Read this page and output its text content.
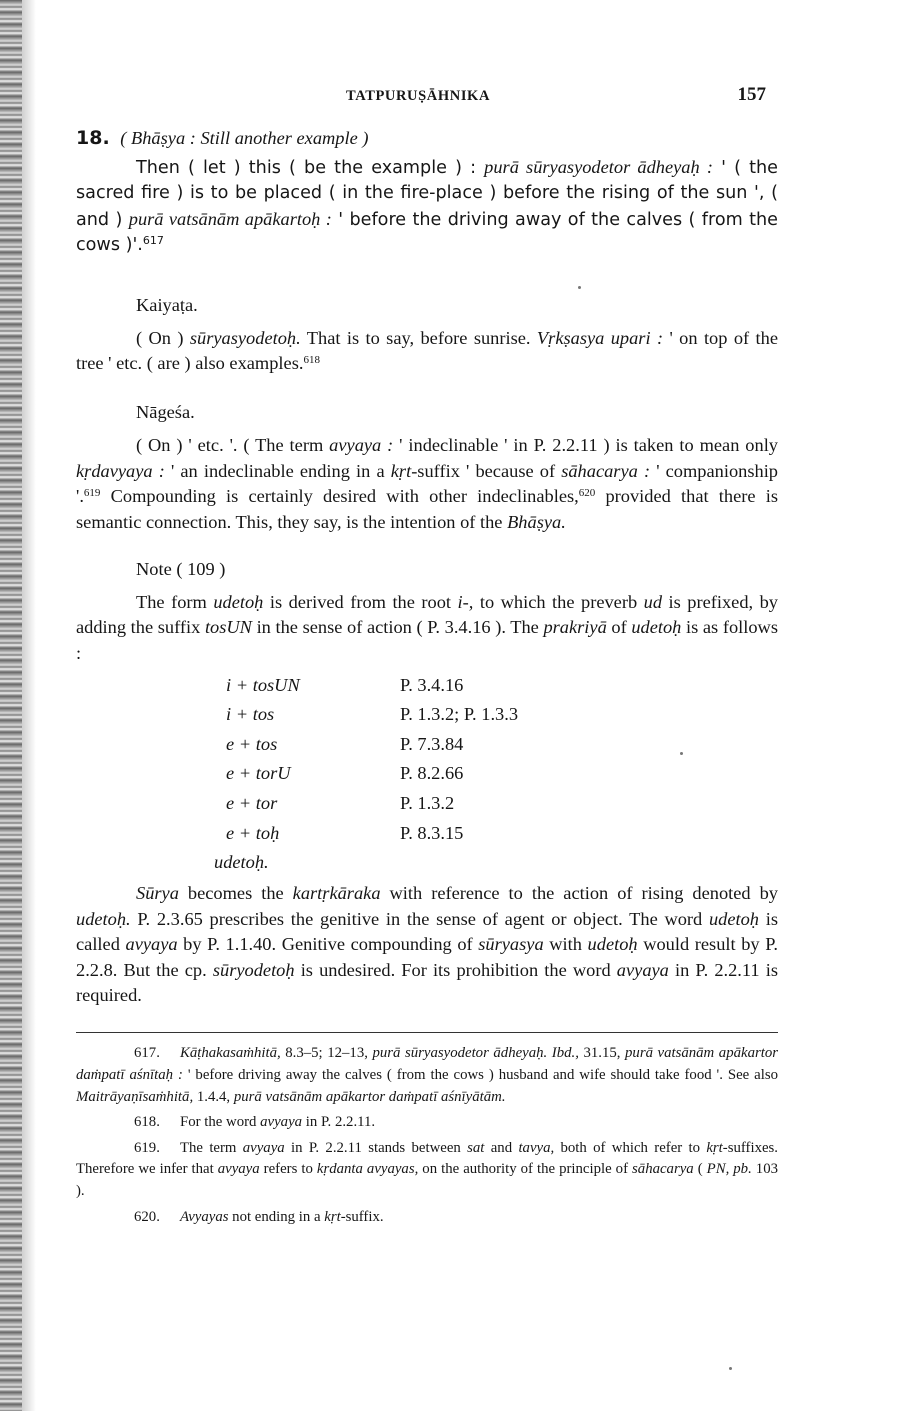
TATPURUṢĀHNIKA	157
18. ( Bhāṣya : Still another example )

Then ( let ) this ( be the example ) : purā sūryasyodetor ādheyaḥ : ' ( the sacred fire ) is to be placed ( in the fire-place ) before the rising of the sun ', ( and ) purā vatsānām apākartoḥ : ' before the driving away of the calves ( from the cows )'.$^{617}$

Kaiyaṭa.

( On ) sūryasyodetoḥ. That is to say, before sunrise. Vṛkṣasya upari : ' on top of the tree ' etc. ( are ) also examples.$^{618}$

Nāgeśa.

( On ) ' etc. '. ( The term avyaya : ' indeclinable ' in P. 2.2.11 ) is taken to mean only kṛdavyaya : ' an indeclinable ending in a kṛt-suffix ' because of sāhacarya : ' companionship '.$^{619}$ Compounding is certainly desired with other indeclinables,$^{620}$ provided that there is semantic connection. This, they say, is the intention of the Bhāṣya.

Note ( 109 )

The form udetoḥ is derived from the root i-, to which the preverb ud is prefixed, by adding the suffix tosUN in the sense of action ( P. 3.4.16 ). The prakriyā of udetoḥ is as follows :

i + tosUN	P. 3.4.16
i + tos	P. 1.3.2; P. 1.3.3
e + tos	P. 7.3.84
e + torU	P. 8.2.66
e + tor	P. 1.3.2
e + toḥ	P. 8.3.15
udetoḥ.

Sūrya becomes the kartṛkāraka with reference to the action of rising denoted by udetoḥ. P. 2.3.65 prescribes the genitive in the sense of agent or object. The word udetoḥ is called avyaya by P. 1.1.40. Genitive compounding of sūryasya with udetoḥ would result by P. 2.2.8. But the cp. sūryodetoḥ is undesired. For its prohibition the word avyaya in P. 2.2.11 is required.

617. Kāṭhakasaṁhitā, 8.3–5; 12–13, purā sūryasyodetor ādheyaḥ. Ibd., 31.15, purā vatsānām apākartor daṁpatī aśnītaḥ : ' before driving away the calves ( from the cows ) husband and wife should take food '. See also Maitrāyaṇīsaṁhitā, 1.4.4, purā vatsānām apākartor daṁpatī aśnīyātām.

618. For the word avyaya in P. 2.2.11.

619. The term avyaya in P. 2.2.11 stands between sat and tavya, both of which refer to kṛt-suffixes. Therefore we infer that avyaya refers to kṛdanta avyayas, on the authority of the principle of sāhacarya ( PN, pb. 103 ).

620. Avyayas not ending in a kṛt-suffix.
